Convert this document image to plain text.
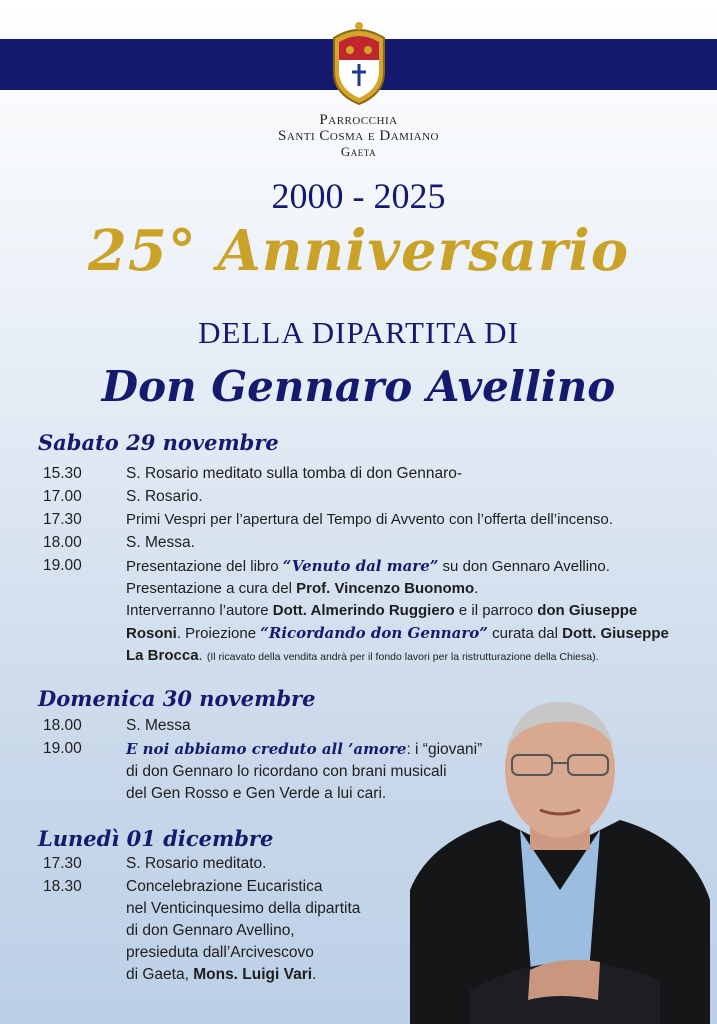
Parrocchia
Santi Cosma e Damiano
Gaeta
2000 - 2025
25° Anniversario
DELLA DIPARTITA DI
Don Gennaro Avellino
Sabato 29 novembre
15.30	S. Rosario meditato sulla tomba di don Gennaro-
17.00	S. Rosario.
17.30	Primi Vespri per l’apertura del Tempo di Avvento con l’offerta dell’incenso.
18.00	S. Messa.
19.00	Presentazione del libro “Venuto dal mare” su don Gennaro Avellino.
Presentazione a cura del Prof. Vincenzo Buonomo.
Interverranno l’autore Dott. Almerindo Ruggiero e il parroco don Giuseppe
Rosoni. Proiezione “Ricordando don Gennaro” curata dal Dott. Giuseppe
La Brocca. (Il ricavato della vendita andrà per il fondo lavori per la ristrutturazione della Chiesa).
Domenica 30 novembre
18.00	S. Messa
19.00	E noi abbiamo creduto all ’amore: i “giovani”
di don Gennaro lo ricordano con brani musicali
del Gen Rosso e Gen Verde a lui cari.
Lunedì 01 dicembre
17.30	S. Rosario meditato.
18.30	Concelebrazione Eucaristica
nel Venticinquesimo della dipartita
di don Gennaro Avellino,
presieduta dall’Arcivescovo
di Gaeta, Mons. Luigi Vari.
